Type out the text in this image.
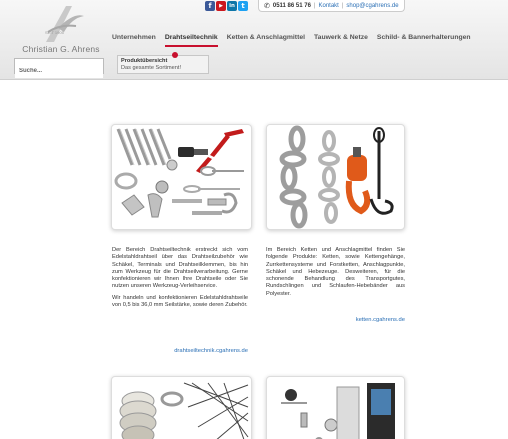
SEIT 1905
Christian G. Ahrens
Suche...
f	▶	in t	✆ 0511 86 51 76 | Kontakt | shop@cgahrens.de
Unternehmen Drahtseiltechnik Ketten & Anschlagmittel Tauwerk & Netze Schild- & Bannerhalterungen
Produktübersicht
Das gesamte Sortiment!

Der Bereich Drahtseiltechnik erstreckt sich vom Edelstahldrahtseil über das Drahtseilzubehör wie Schäkel, Terminals und Drahtseilklemmen, bis hin zum Werkzeug für die Drahtseilverarbeitung. Gerne konfektionieren wir Ihnen Ihre Drahtseile oder Sie nutzen unseren Werkzeug-Verleihservice.

Wir handeln und konfektionieren Edelstahldrahtseile von 0,5 bis 36,0 mm Seilstärke, sowie deren Zubehör.

drahtseiltechnik.cgahrens.de

Im Bereich Ketten und Anschlagmittel finden Sie folgende Produkte: Ketten, sowie Kettengehänge, Zurrkettensysteme und Forstketten, Anschlagpunkte, Schäkel und Hebezeuge. Desweiteren, für die schonende Behandlung des Transportgutes, Rundschlingen und Schlaufen-Hebebänder aus Polyester.

ketten.cgahrens.de
